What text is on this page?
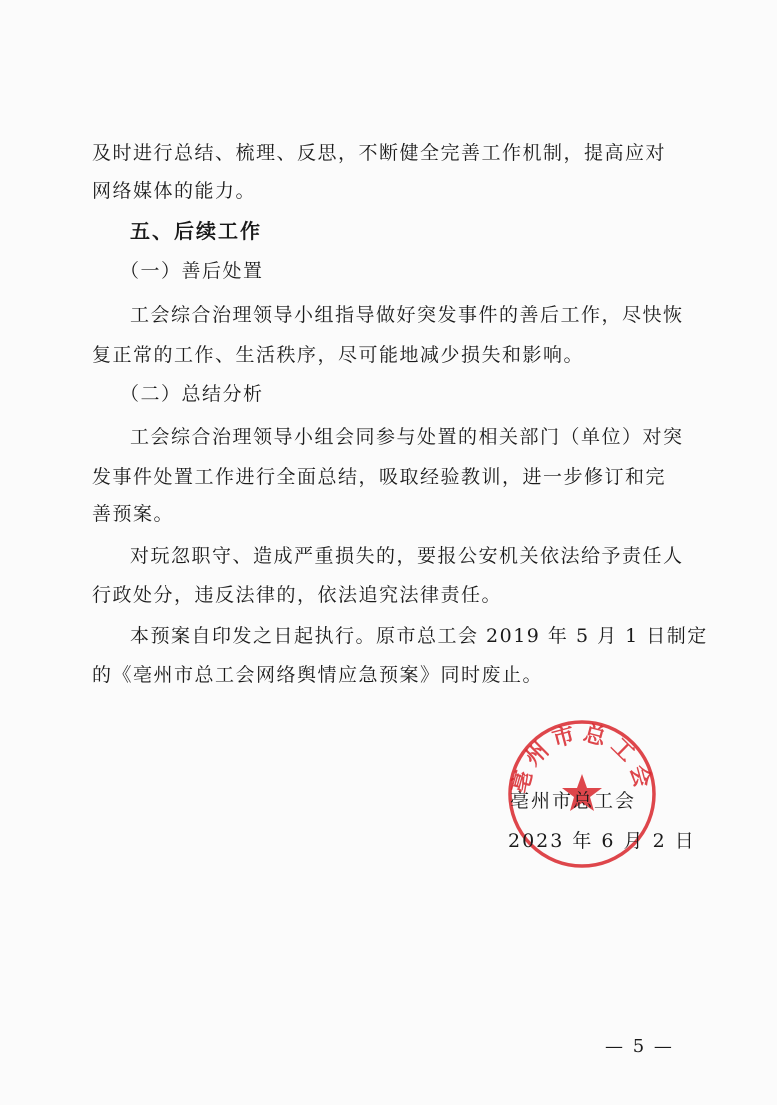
及时进行总结、梳理、反思，不断健全完善工作机制，提高应对
网络媒体的能力。
五、后续工作
（一）善后处置
工会综合治理领导小组指导做好突发事件的善后工作，尽快恢
复正常的工作、生活秩序，尽可能地减少损失和影响。
（二）总结分析
工会综合治理领导小组会同参与处置的相关部门（单位）对突
发事件处置工作进行全面总结，吸取经验教训，进一步修订和完
善预案。
对玩忽职守、造成严重损失的，要报公安机关依法给予责任人
行政处分，违反法律的，依法追究法律责任。
本预案自印发之日起执行。原市总工会 2019 年 5 月 1 日制定
的《亳州市总工会网络舆情应急预案》同时废止。
亳州市总工会
亳州市总工会
2023 年 6 月 2 日
— 5 —
